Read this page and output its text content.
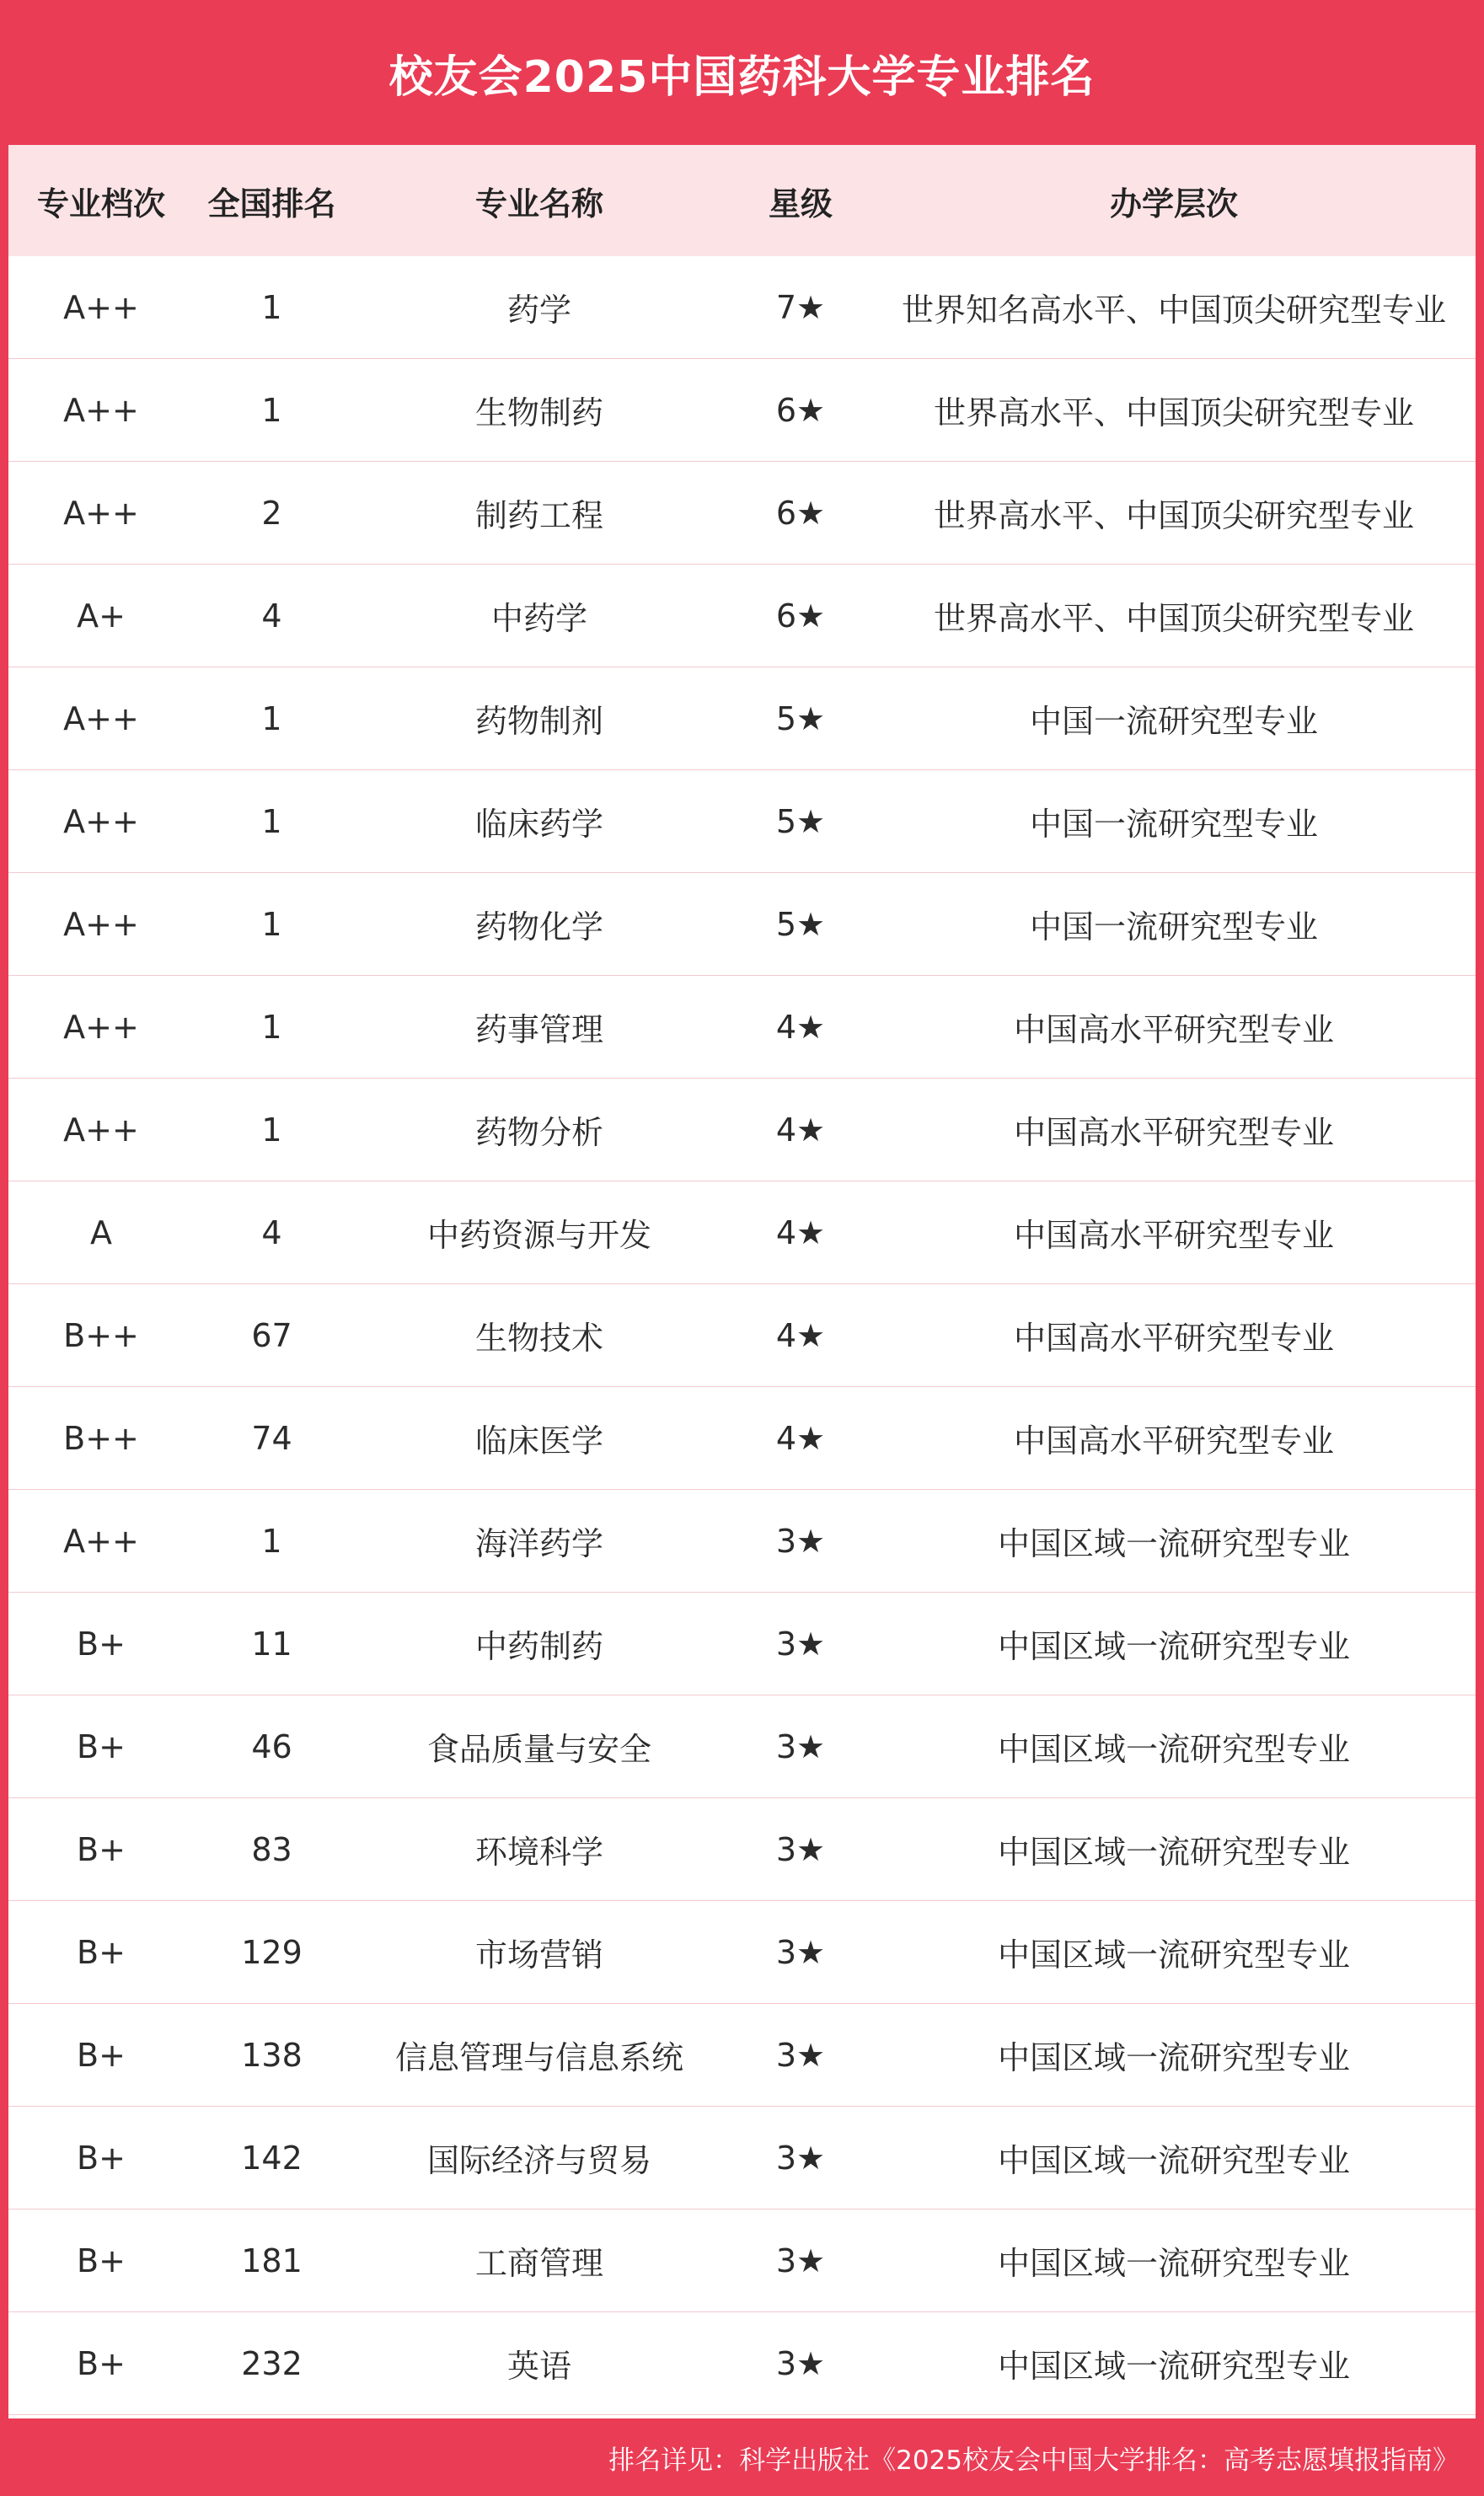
校友会2025中国药科大学专业排名
专业档次	全国排名	专业名称	星级	办学层次
A++	1	药学	7★	世界知名高水平、中国顶尖研究型专业
A++	1	生物制药	6★	世界高水平、中国顶尖研究型专业
A++	2	制药工程	6★	世界高水平、中国顶尖研究型专业
A+	4	中药学	6★	世界高水平、中国顶尖研究型专业
A++	1	药物制剂	5★	中国一流研究型专业
A++	1	临床药学	5★	中国一流研究型专业
A++	1	药物化学	5★	中国一流研究型专业
A++	1	药事管理	4★	中国高水平研究型专业
A++	1	药物分析	4★	中国高水平研究型专业
A	4	中药资源与开发	4★	中国高水平研究型专业
B++	67	生物技术	4★	中国高水平研究型专业
B++	74	临床医学	4★	中国高水平研究型专业
A++	1	海洋药学	3★	中国区域一流研究型专业
B+	11	中药制药	3★	中国区域一流研究型专业
B+	46	食品质量与安全	3★	中国区域一流研究型专业
B+	83	环境科学	3★	中国区域一流研究型专业
B+	129	市场营销	3★	中国区域一流研究型专业
B+	138	信息管理与信息系统	3★	中国区域一流研究型专业
B+	142	国际经济与贸易	3★	中国区域一流研究型专业
B+	181	工商管理	3★	中国区域一流研究型专业
B+	232	英语	3★	中国区域一流研究型专业
排名详见：科学出版社《2025校友会中国大学排名：高考志愿填报指南》
